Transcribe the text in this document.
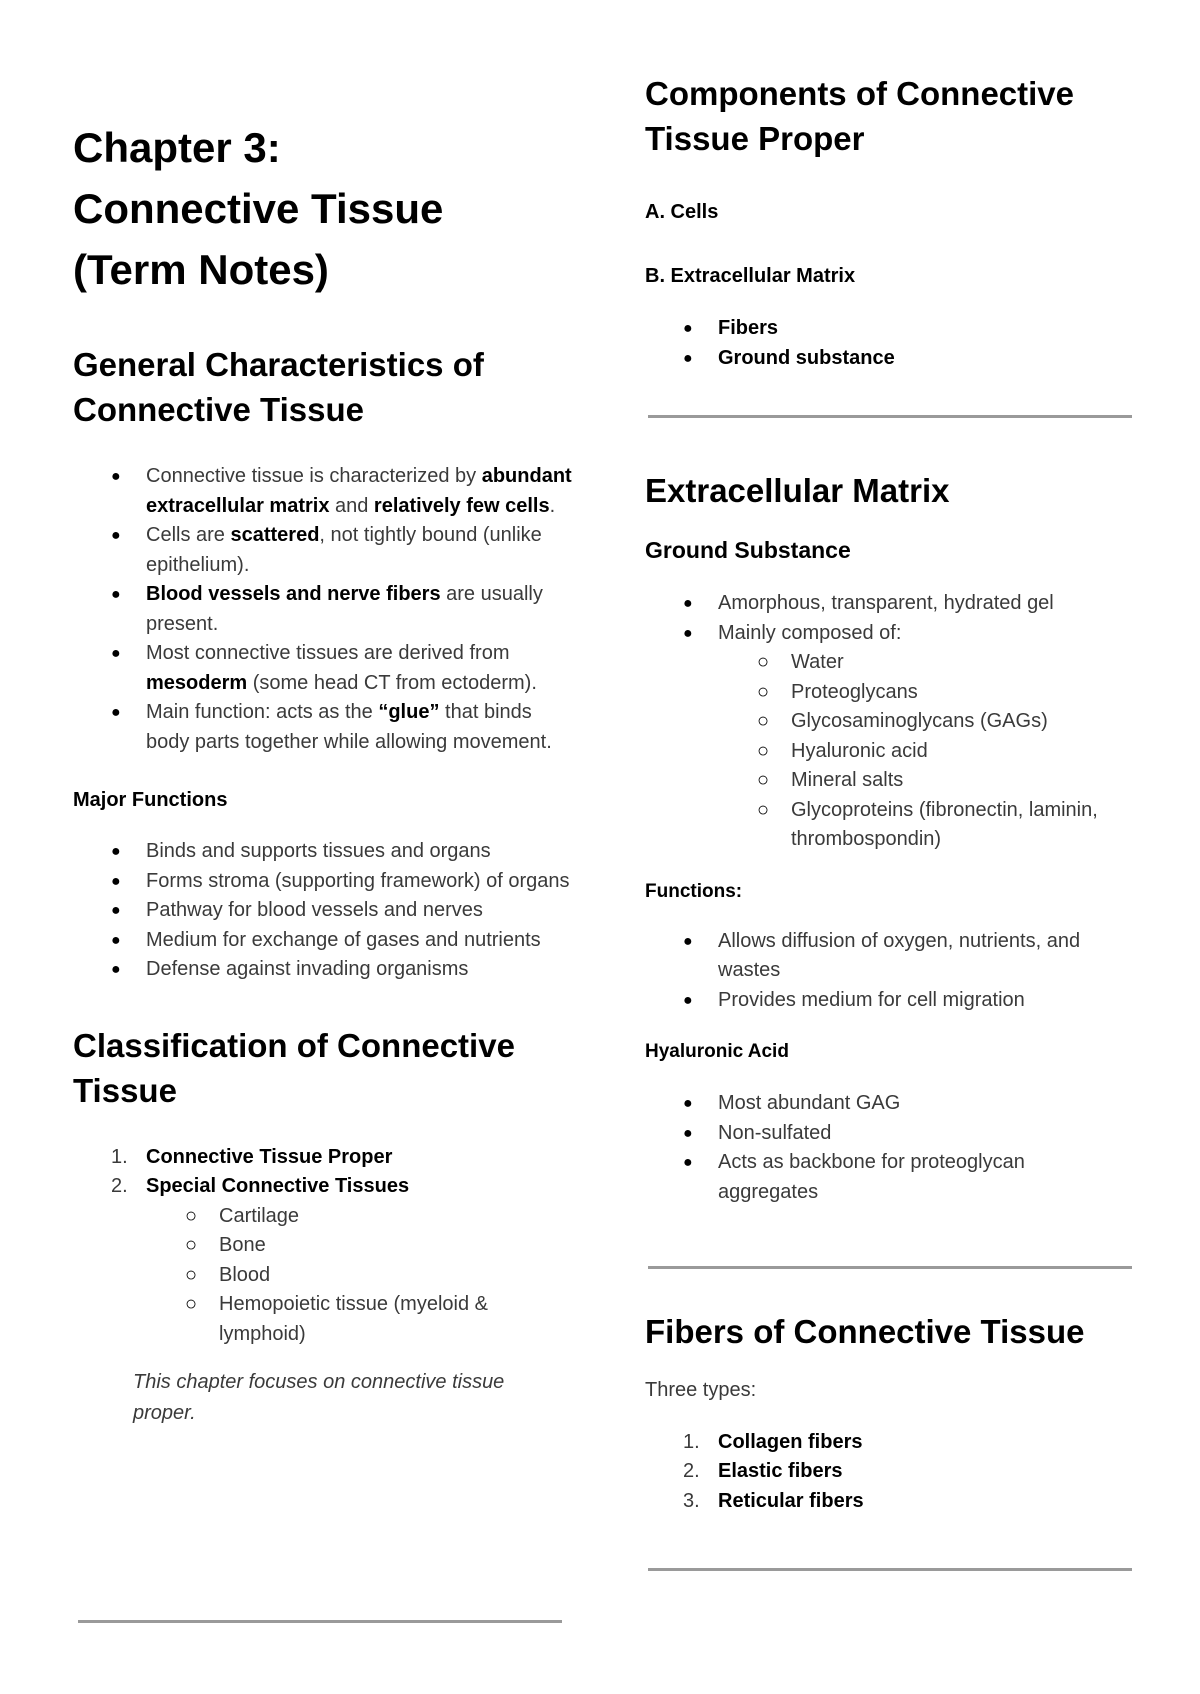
Chapter 3:
Connective Tissue
(Term Notes)
General Characteristics of Connective Tissue
● Connective tissue is characterized by abundant extracellular matrix and relatively few cells.
● Cells are scattered, not tightly bound (unlike epithelium).
● Blood vessels and nerve fibers are usually present.
● Most connective tissues are derived from mesoderm (some head CT from ectoderm).
● Main function: acts as the “glue” that binds body parts together while allowing movement.
Major Functions
● Binds and supports tissues and organs
● Forms stroma (supporting framework) of organs
● Pathway for blood vessels and nerves
● Medium for exchange of gases and nutrients
● Defense against invading organisms
Classification of Connective Tissue
1. Connective Tissue Proper
2. Special Connective Tissues
○ Cartilage
○ Bone
○ Blood
○ Hemopoietic tissue (myeloid & lymphoid)

This chapter focuses on connective tissue proper.

Components of Connective Tissue Proper
A. Cells
B. Extracellular Matrix
● Fibers
● Ground substance
Extracellular Matrix
Ground Substance
● Amorphous, transparent, hydrated gel
● Mainly composed of:
○ Water
○ Proteoglycans
○ Glycosaminoglycans (GAGs)
○ Hyaluronic acid
○ Mineral salts
○ Glycoproteins (fibronectin, laminin, thrombospondin)
Functions:
● Allows diffusion of oxygen, nutrients, and wastes
● Provides medium for cell migration
Hyaluronic Acid
● Most abundant GAG
● Non-sulfated
● Acts as backbone for proteoglycan aggregates
Fibers of Connective Tissue

Three types:

1. Collagen fibers
2. Elastic fibers
3. Reticular fibers
